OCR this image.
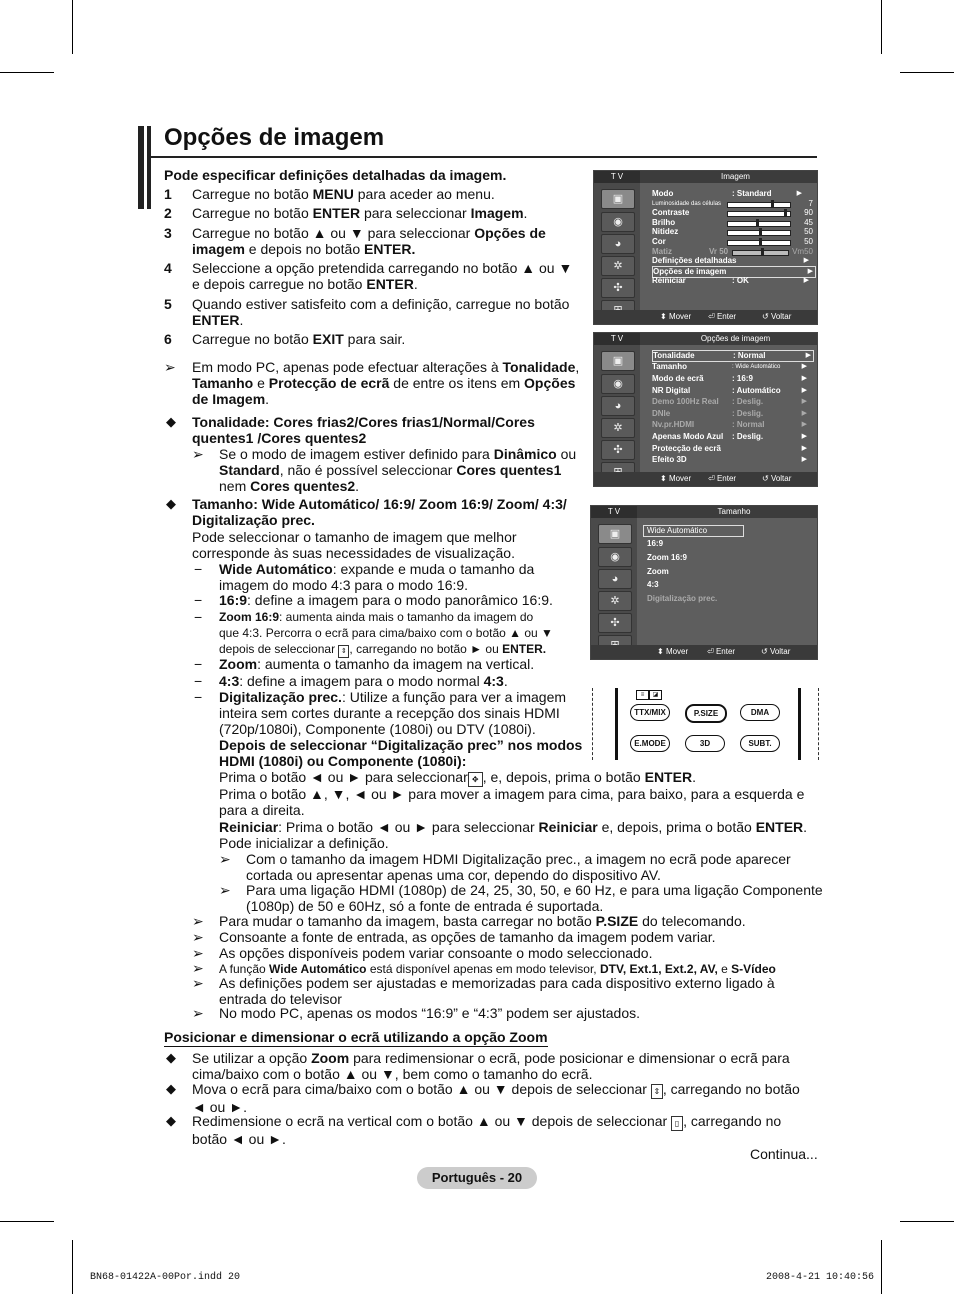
Opções de imagem
Pode especificar definições detalhadas da imagem.
1 Carregue no botão MENU para aceder ao menu.
2 Carregue no botão ENTER para seleccionar Imagem.
3 Carregue no botão ▲ ou ▼ para seleccionar Opções de
imagem e depois no botão ENTER.
4 Seleccione a opção pretendida carregando no botão ▲ ou ▼
e depois carregue no botão ENTER.
5 Quando estiver satisfeito com a definição, carregue no botão
ENTER.
6 Carregue no botão EXIT para sair.
➢ Em modo PC, apenas pode efectuar alterações à Tonalidade,
Tamanho e Protecção de ecrã de entre os itens em Opções
de Imagem.
◆ Tonalidade: Cores frias2/Cores frias1/Normal/Cores
quentes1 /Cores quentes2
➢ Se o modo de imagem estiver definido para Dinâmico ou
Standard, não é possível seleccionar Cores quentes1
nem Cores quentes2.
◆ Tamanho: Wide Automático/ 16:9/ Zoom 16:9/ Zoom/ 4:3/
Digitalização prec.
Pode seleccionar o tamanho de imagem que melhor
corresponde às suas necessidades de visualização.
− Wide Automático: expande e muda o tamanho da
imagem do modo 4:3 para o modo 16:9.
− 16:9: define a imagem para o modo panorâmico 16:9.
− Zoom 16:9: aumenta ainda mais o tamanho da imagem do
que 4:3. Percorra o ecrã para cima/baixo com o botão ▲ ou ▼
depois de seleccionar ⇕ , carregando no botão ► ou ENTER.
− Zoom: aumenta o tamanho da imagem na vertical.
− 4:3: define a imagem para o modo normal 4:3.
− Digitalização prec.: Utilize a função para ver a imagem
inteira sem cortes durante a recepção dos sinais HDMI
(720p/1080i), Componente (1080i) ou DTV (1080i).
Depois de seleccionar “Digitalização prec” nos modos
HDMI (1080i) ou Componente (1080i):
Prima o botão ◄ ou ► para seleccionar ✥ , e, depois, prima o botão ENTER.
Prima o botão ▲, ▼, ◄ ou ► para mover a imagem para cima, para baixo, para a esquerda e
para a direita.
Reiniciar: Prima o botão ◄ ou ► para seleccionar Reiniciar e, depois, prima o botão ENTER.
Pode inicializar a definição.
➢ Com o tamanho da imagem HDMI Digitalização prec., a imagem no ecrã pode aparecer
cortada ou apresentar apenas uma cor, dependo do dispositivo AV.
➢ Para uma ligação HDMI (1080p) de 24, 25, 30, 50, e 60 Hz, e para uma ligação Componente
(1080p) de 50 e 60Hz, só a fonte de entrada é suportada.
➢ Para mudar o tamanho da imagem, basta carregar no botão P.SIZE do telecomando.
➢ Consoante a fonte de entrada, as opções de tamanho da imagem podem variar.
➢ As opções disponíveis podem variar consoante o modo seleccionado.
➢ A função Wide Automático está disponível apenas em modo televisor, DTV, Ext.1, Ext.2, AV, e S-Vídeo
➢ As definições podem ser ajustadas e memorizadas para cada dispositivo externo ligado à
entrada do televisor
➢ No modo PC, apenas os modos “16:9” e “4:3” podem ser ajustados.
Posicionar e dimensionar o ecrã utilizando a opção Zoom
◆ Se utilizar a opção Zoom para redimensionar o ecrã, pode posicionar e dimensionar o ecrã para
cima/baixo com o botão ▲ ou ▼, bem como o tamanho do ecrã.
◆ Mova o ecrã para cima/baixo com o botão ▲ ou ▼ depois de seleccionar ⇕ , carregando no botão
◄ ou ►.
◆ Redimensione o ecrã na vertical com o botão ▲ ou ▼ depois de seleccionar ▯ , carregando no
botão ◄ ou ►.
Continua...
Português - 20
BN68-01422A-00Por.indd 20	2008-4-21 10:40:56
T V	Imagem
▣
◉
◕
✲
✣
Modo	: Standard	▶
Luminosidade das células	7
Contraste	90
Brilho	45
Nitidez	50
Cor	50
Matiz	Vr 50	Vm50
Definições detalhadas	▶
Opções de imagem	▶
Reiniciar	: OK	▶
⬍ Mover ⏎ Enter	↺ Voltar
T V	Opções de imagem
▣
◉
◕
✲
✣
Tonalidade	: Normal	▶
Tamanho	: Wide Automático	▶
Modo de ecrã	: 16:9	▶
NR Digital	: Automático	▶
Demo 100Hz Real : Deslig.	▶
DNIe	: Deslig.	▶
Nv.pr.HDMI	: Normal	▶
Apenas Modo Azul : Deslig.	▶
Protecção de ecrã	▶
Efeito 3D	▶
⬍ Mover ⏎ Enter	↺ Voltar
T V	Tamanho
▣
◉
◕
✲
✣
Wide Automático
16:9
Zoom 16:9
Zoom
4:3
Digitalização prec.
⬍ Mover ⏎ Enter	↺ Voltar
≡	◪
TTX/MIX	P.SIZE	DMA
E.MODE	3D	SUBT.
